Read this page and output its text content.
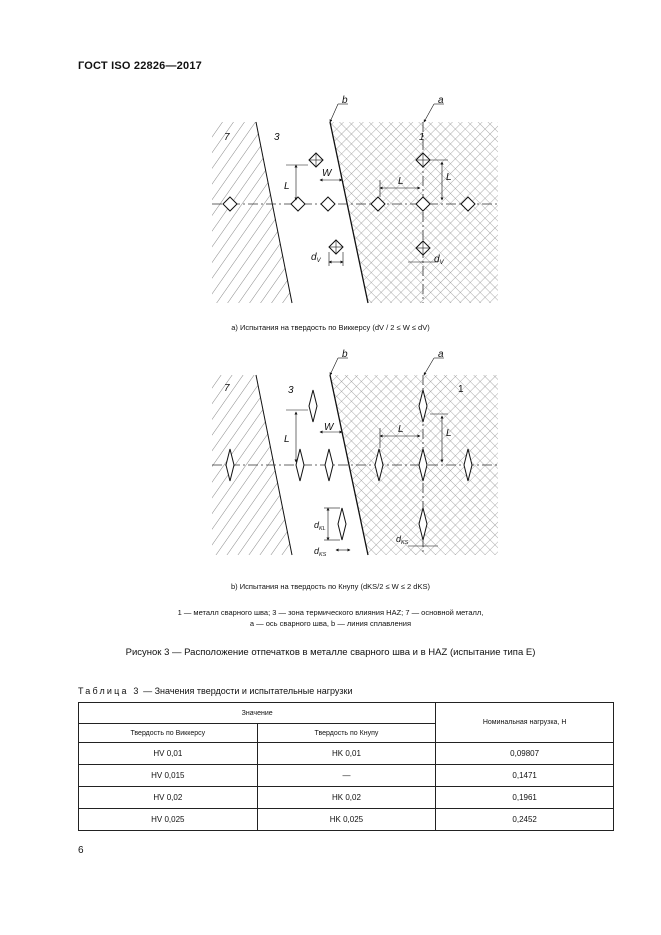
ГОСТ ISO 22826—2017
7	3	1
b	a
L	L	L
W
$d_V$	$d_V$
7	3	1
b	a
L
L	L
W
$d_{KL}$
$d_{KS}$
$d_{KS}$
а) Испытания на твердость по Виккерсу (dV / 2 ≤ W ≤ dV)
b) Испытания на твердость по Кнупу (dKS/2 ≤ W ≤ 2 dKS)
1 — металл сварного шва; 3 — зона термического влияния HAZ; 7 — основной металл,
a — ось сварного шва, b — линия сплавления
Рисунок 3 — Расположение отпечатков в металле сварного шва и в HAZ (испытание типа E)
Таблица 3 — Значения твердости и испытательные нагрузки
Значение		Номинальная нагрузка, Н
Твердость по Виккерсу	Твердость по Кнупу	
HV 0,01	HK 0,01	0,09807
HV 0,015	—	0,1471
HV 0,02	HK 0,02	0,1961
HV 0,025	HK 0,025	0,2452
6
